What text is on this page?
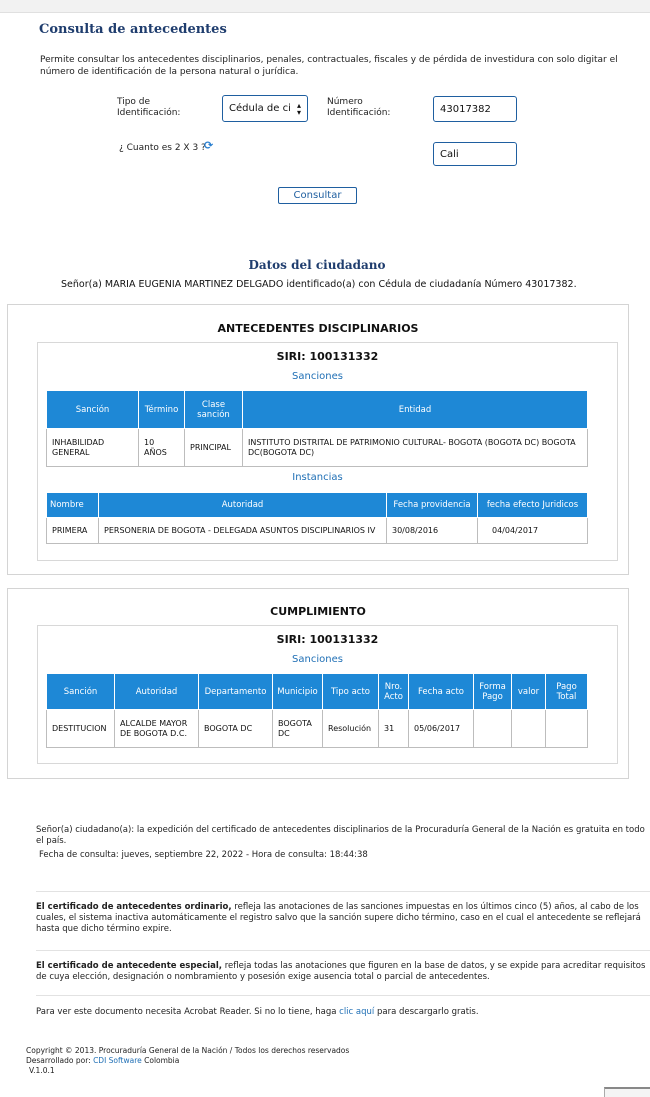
Consulta de antecedentes
Permite consultar los antecedentes disciplinarios, penales, contractuales, fiscales y de pérdida de investidura con solo digitar el número de identificación de la persona natural o jurídica.
Tipo de Identificación:	Cédula de ci ▴
▾
Número Identificación:	43017382
¿ Cuanto es 2 X 3 ?
⟳
Cali
Consultar
Datos del ciudadano
Señor(a) MARIA EUGENIA MARTINEZ DELGADO identificado(a) con Cédula de ciudadanía Número 43017382.
ANTECEDENTES DISCIPLINARIOS
SIRI: 100131332
Sanciones
Sanción	Término	Clase sanción	Entidad
INHABILIDAD GENERAL	10 AÑOS	PRINCIPAL	INSTITUTO DISTRITAL DE PATRIMONIO CULTURAL- BOGOTA (BOGOTA DC) BOGOTA DC(BOGOTA DC)
Instancias
Nombre	Autoridad	Fecha providencia	fecha efecto Juridicos
PRIMERA	PERSONERIA DE BOGOTA - DELEGADA ASUNTOS DISCIPLINARIOS IV	30/08/2016	04/04/2017
CUMPLIMIENTO
SIRI: 100131332
Sanciones
Sanción	Autoridad	Departamento	Municipio	Tipo acto	Nro. Acto	Fecha acto	Forma Pago	valor	Pago Total
DESTITUCION	ALCALDE MAYOR DE BOGOTA D.C.	BOGOTA DC	BOGOTA DC	Resolución	31	05/06/2017			
Señor(a) ciudadano(a): la expedición del certificado de antecedentes disciplinarios de la Procuraduría General de la Nación es gratuita en todo el país.
Fecha de consulta: jueves, septiembre 22, 2022 - Hora de consulta: 18:44:38
El certificado de antecedentes ordinario, refleja las anotaciones de las sanciones impuestas en los últimos cinco (5) años, al cabo de los cuales, el sistema inactiva automáticamente el registro salvo que la sanción supere dicho término, caso en el cual el antecedente se reflejará hasta que dicho término expire.
El certificado de antecedente especial, refleja todas las anotaciones que figuren en la base de datos, y se expide para acreditar requisitos de cuya elección, designación o nombramiento y posesión exige ausencia total o parcial de antecedentes.
Para ver este documento necesita Acrobat Reader. Si no lo tiene, haga clic aquí para descargarlo gratis.
Copyright © 2013. Procuraduría General de la Nación / Todos los derechos reservados
Desarrollado por: CDI Software Colombia
V.1.0.1
